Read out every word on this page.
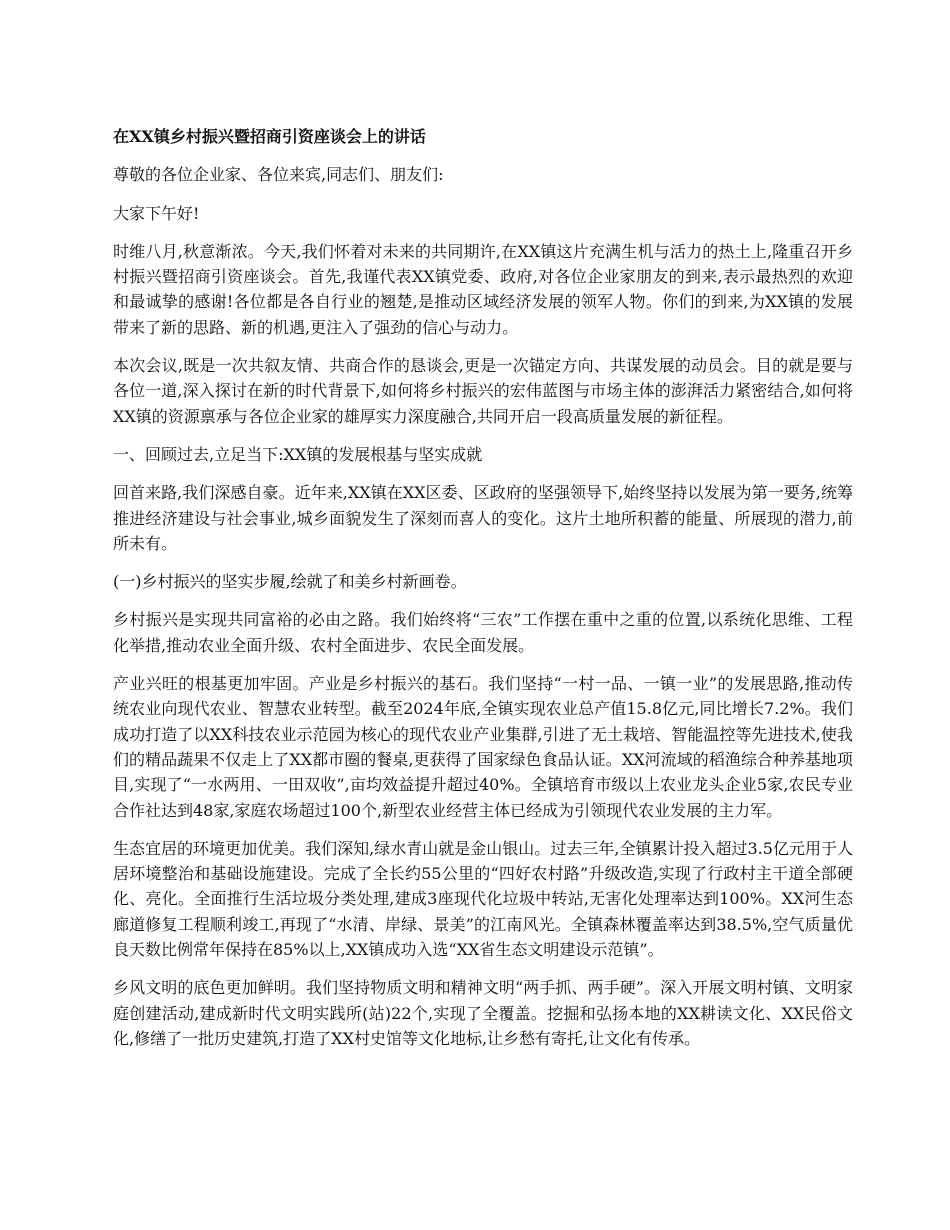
在XX镇乡村振兴暨招商引资座谈会上的讲话
尊敬的各位企业家、各位来宾,同志们、朋友们:
大家下午好!
时维八月,秋意渐浓。今天,我们怀着对未来的共同期许,在XX镇这片充满生机与活力的热土上,隆重召开乡村振兴暨招商引资座谈会。首先,我谨代表XX镇党委、政府,对各位企业家朋友的到来,表示最热烈的欢迎和最诚挚的感谢!各位都是各自行业的翘楚,是推动区域经济发展的领军人物。你们的到来,为XX镇的发展带来了新的思路、新的机遇,更注入了强劲的信心与动力。
本次会议,既是一次共叙友情、共商合作的恳谈会,更是一次锚定方向、共谋发展的动员会。目的就是要与各位一道,深入探讨在新的时代背景下,如何将乡村振兴的宏伟蓝图与市场主体的澎湃活力紧密结合,如何将XX镇的资源禀承与各位企业家的雄厚实力深度融合,共同开启一段高质量发展的新征程。
一、回顾过去,立足当下:XX镇的发展根基与坚实成就
回首来路,我们深感自豪。近年来,XX镇在XX区委、区政府的坚强领导下,始终坚持以发展为第一要务,统筹推进经济建设与社会事业,城乡面貌发生了深刻而喜人的变化。这片土地所积蓄的能量、所展现的潜力,前所未有。
(一)乡村振兴的坚实步履,绘就了和美乡村新画卷。
乡村振兴是实现共同富裕的必由之路。我们始终将“三农”工作摆在重中之重的位置,以系统化思维、工程化举措,推动农业全面升级、农村全面进步、农民全面发展。
产业兴旺的根基更加牢固。产业是乡村振兴的基石。我们坚持“一村一品、一镇一业”的发展思路,推动传统农业向现代农业、智慧农业转型。截至2024年底,全镇实现农业总产值15.8亿元,同比增长7.2%。我们成功打造了以XX科技农业示范园为核心的现代农业产业集群,引进了无土栽培、智能温控等先进技术,使我们的精品蔬果不仅走上了XX都市圈的餐桌,更获得了国家绿色食品认证。XX河流域的稻渔综合种养基地项目,实现了“一水两用、一田双收”,亩均效益提升超过40%。全镇培育市级以上农业龙头企业5家,农民专业合作社达到48家,家庭农场超过100个,新型农业经营主体已经成为引领现代农业发展的主力军。
生态宜居的环境更加优美。我们深知,绿水青山就是金山银山。过去三年,全镇累计投入超过3.5亿元用于人居环境整治和基础设施建设。完成了全长约55公里的“四好农村路”升级改造,实现了行政村主干道全部硬化、亮化。全面推行生活垃圾分类处理,建成3座现代化垃圾中转站,无害化处理率达到100%。XX河生态廊道修复工程顺利竣工,再现了“水清、岸绿、景美”的江南风光。全镇森林覆盖率达到38.5%,空气质量优良天数比例常年保持在85%以上,XX镇成功入选“XX省生态文明建设示范镇”。
乡风文明的底色更加鲜明。我们坚持物质文明和精神文明“两手抓、两手硬”。深入开展文明村镇、文明家庭创建活动,建成新时代文明实践所(站)22个,实现了全覆盖。挖掘和弘扬本地的XX耕读文化、XX民俗文化,修缮了一批历史建筑,打造了XX村史馆等文化地标,让乡愁有寄托,让文化有传承。
